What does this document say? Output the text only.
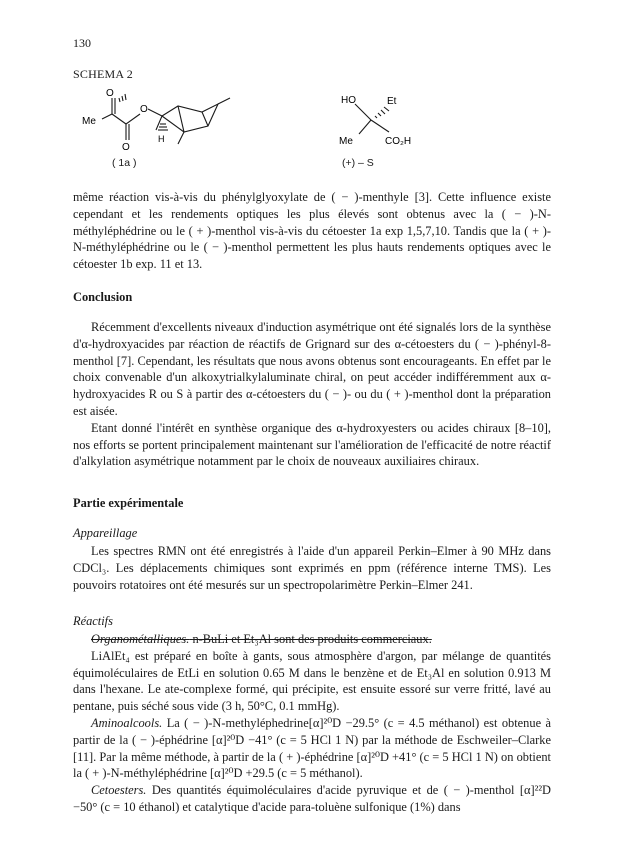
130
SCHEMA 2
O
Me
O
O
H
( 1a )
HO	Et
Me	CO₂H
(+) – S

même réaction vis-à-vis du phénylglyoxylate de ( − )-menthyle [3]. Cette influence existe cependant et les rendements optiques les plus élevés sont obtenus avec la ( − )-N-méthyléphédrine ou le ( + )-menthol vis-à-vis du cétoester 1a exp 1,5,7,10. Tandis que la ( + )-N-méthyléphédrine ou le ( − )-menthol permettent les plus hauts rendements optiques avec le cétoester 1b exp. 11 et 13.

Conclusion

Récemment d'excellents niveaux d'induction asymétrique ont été signalés lors de la synthèse d'α-hydroxyacides par réaction de réactifs de Grignard sur des α-cétoesters du ( − )-phényl-8-menthol [7]. Cependant, les résultats que nous avons obtenus sont encourageants. En effet par le choix convenable d'un alkoxytrialkylaluminate chiral, on peut accéder indifféremment aux α-hydroxyacides R ou S à partir des α-cétoesters du ( − )- ou du ( + )-menthol dont la préparation est aisée.

Etant donné l'intérêt en synthèse organique des α-hydroxyesters ou acides chiraux [8–10], nos efforts se portent principalement maintenant sur l'amélioration de l'efficacité de notre réactif d'alkylation asymétrique notamment par le choix de nouveaux auxiliaires chiraux.

Partie expérimentale
Appareillage

Les spectres RMN ont été enregistrés à l'aide d'un appareil Perkin–Elmer à 90 MHz dans CDCl₃. Les déplacements chimiques sont exprimés en ppm (référence interne TMS). Les pouvoirs rotatoires ont été mesurés sur un spectropolarimètre Perkin–Elmer 241.

Réactifs

Organométalliques. n-BuLi et Et₃Al sont des produits commerciaux.

LiAlEt₄ est préparé en boîte à gants, sous atmosphère d'argon, par mélange de quantités équimoléculaires de EtLi en solution 0.65 M dans le benzène et de Et₃Al en solution 0.913 M dans l'hexane. Le ate-complexe formé, qui précipite, est ensuite essoré sur verre fritté, lavé au pentane, puis séché sous vide (3 h, 50°C, 0.1 mmHg).

Aminoalcools. La ( − )-N-methyléphedrine[α]²⁰D −29.5° (c = 4.5 méthanol) est obtenue à partir de la ( − )-éphédrine [α]²⁰D −41° (c = 5 HCl 1 N) par la méthode de Eschweiler–Clarke [11]. Par la même méthode, à partir de la ( + )-éphédrine [α]²⁰D +41° (c = 5 HCl 1 N) on obtient la ( + )-N-méthyléphédrine [α]²⁰D +29.5 (c = 5 méthanol).

Cetoesters. Des quantités équimoléculaires d'acide pyruvique et de ( − )-menthol [α]²²D −50° (c = 10 éthanol) et catalytique d'acide para-toluène sulfonique (1%) dans
